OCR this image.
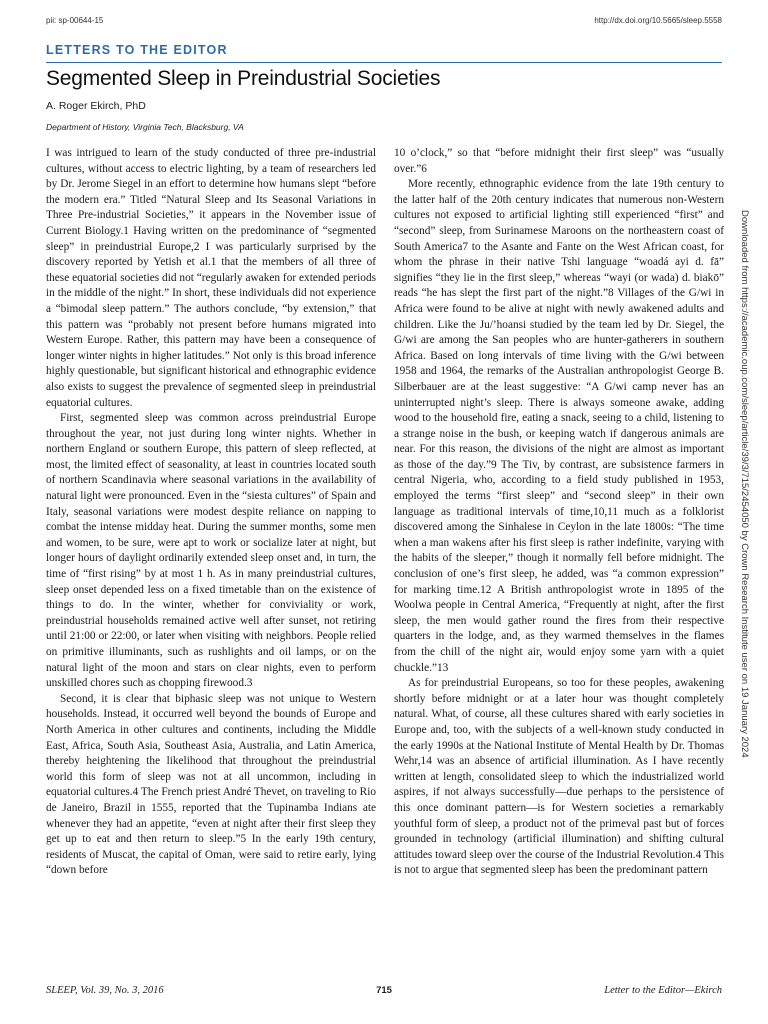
pii: sp-00644-15	http://dx.doi.org/10.5665/sleep.5558
LETTERS TO THE EDITOR
Segmented Sleep in Preindustrial Societies
A. Roger Ekirch, PhD
Department of History, Virginia Tech, Blacksburg, VA

I was intrigued to learn of the study conducted of three pre-industrial cultures, without access to electric lighting, by a team of researchers led by Dr. Jerome Siegel in an effort to determine how humans slept “before the modern era.” Titled “Natural Sleep and Its Seasonal Variations in Three Pre-industrial Societies,” it appears in the November issue of Current Biology.1 Having written on the predominance of “segmented sleep” in preindustrial Europe,2 I was particularly surprised by the discovery reported by Yetish et al.1 that the members of all three of these equatorial societies did not “regularly awaken for extended periods in the middle of the night.” In short, these individuals did not experience a “bimodal sleep pattern.” The authors conclude, “by extension,” that this pattern was “probably not present before humans migrated into Western Europe. Rather, this pattern may have been a consequence of longer winter nights in higher latitudes.” Not only is this broad inference highly questionable, but significant historical and ethnographic evidence also exists to suggest the prevalence of segmented sleep in preindustrial equatorial cultures.

First, segmented sleep was common across preindustrial Europe throughout the year, not just during long winter nights. Whether in northern England or southern Europe, this pattern of sleep reflected, at most, the limited effect of seasonality, at least in countries located south of northern Scandinavia where seasonal variations in the availability of natural light were pronounced. Even in the “siesta cultures” of Spain and Italy, seasonal variations were modest despite reliance on napping to combat the intense midday heat. During the summer months, some men and women, to be sure, were apt to work or socialize later at night, but longer hours of daylight ordinarily extended sleep onset and, in turn, the time of “first rising” by at most 1 h. As in many preindustrial cultures, sleep onset depended less on a fixed timetable than on the existence of things to do. In the winter, whether for conviviality or work, preindustrial households remained active well after sunset, not retiring until 21:00 or 22:00, or later when visiting with neighbors. People relied on primitive illuminants, such as rushlights and oil lamps, or on the natural light of the moon and stars on clear nights, even to perform unskilled chores such as chopping firewood.3

Second, it is clear that biphasic sleep was not unique to Western households. Instead, it occurred well beyond the bounds of Europe and North America in other cultures and continents, including the Middle East, Africa, South Asia, Southeast Asia, Australia, and Latin America, thereby heightening the likelihood that throughout the preindustrial world this form of sleep was not at all uncommon, including in equatorial cultures.4 The French priest André Thevet, on traveling to Rio de Janeiro, Brazil in 1555, reported that the Tupinamba Indians ate whenever they had an appetite, “even at night after their first sleep they get up to eat and then return to sleep.”5 In the early 19th century, residents of Muscat, the capital of Oman, were said to retire early, lying “down before

10 o’clock,” so that “before midnight their first sleep” was “usually over.”6

More recently, ethnographic evidence from the late 19th century to the latter half of the 20th century indicates that numerous non-Western cultures not exposed to artificial lighting still experienced “first” and “second” sleep, from Surinamese Maroons on the northeastern coast of South America7 to the Asante and Fante on the West African coast, for whom the phrase in their native Tshi language “woadá ayi d. fā” signifies “they lie in the first sleep,” whereas “wayi (or wada) d. biakō” reads “he has slept the first part of the night.”8 Villages of the G/wi in Africa were found to be alive at night with newly awakened adults and children. Like the Ju/’hoansi studied by the team led by Dr. Siegel, the G/wi are among the San peoples who are hunter-gatherers in southern Africa. Based on long intervals of time living with the G/wi between 1958 and 1964, the remarks of the Australian anthropologist George B. Silberbauer are at the least suggestive: “A G/wi camp never has an uninterrupted night’s sleep. There is always someone awake, adding wood to the household fire, eating a snack, seeing to a child, listening to a strange noise in the bush, or keeping watch if dangerous animals are near. For this reason, the divisions of the night are almost as important as those of the day.”9 The Tiv, by contrast, are subsistence farmers in central Nigeria, who, according to a field study published in 1953, employed the terms “first sleep” and “second sleep” in their own language as traditional intervals of time,10,11 much as a folklorist discovered among the Sinhalese in Ceylon in the late 1800s: “The time when a man wakens after his first sleep is rather indefinite, varying with the habits of the sleeper,” though it normally fell before midnight. The conclusion of one’s first sleep, he added, was “a common expression” for marking time.12 A British anthropologist wrote in 1895 of the Woolwa people in Central America, “Frequently at night, after the first sleep, the men would gather round the fires from their respective quarters in the lodge, and, as they warmed themselves in the flames from the chill of the night air, would enjoy some yarn with a quiet chuckle.”13

As for preindustrial Europeans, so too for these peoples, awakening shortly before midnight or at a later hour was thought completely natural. What, of course, all these cultures shared with early societies in Europe and, too, with the subjects of a well-known study conducted in the early 1990s at the National Institute of Mental Health by Dr. Thomas Wehr,14 was an absence of artificial illumination. As I have recently written at length, consolidated sleep to which the industrialized world aspires, if not always successfully—due perhaps to the persistence of this once dominant pattern—is for Western societies a remarkably youthful form of sleep, a product not of the primeval past but of forces grounded in technology (artificial illumination) and shifting cultural attitudes toward sleep over the course of the Industrial Revolution.4 This is not to argue that segmented sleep has been the predominant pattern

Downloaded from https://academic.oup.com/sleep/article/39/3/715/2454050 by Crown Research Institute user on 19 January 2024
SLEEP, Vol. 39, No. 3, 2016	715	Letter to the Editor—Ekirch
